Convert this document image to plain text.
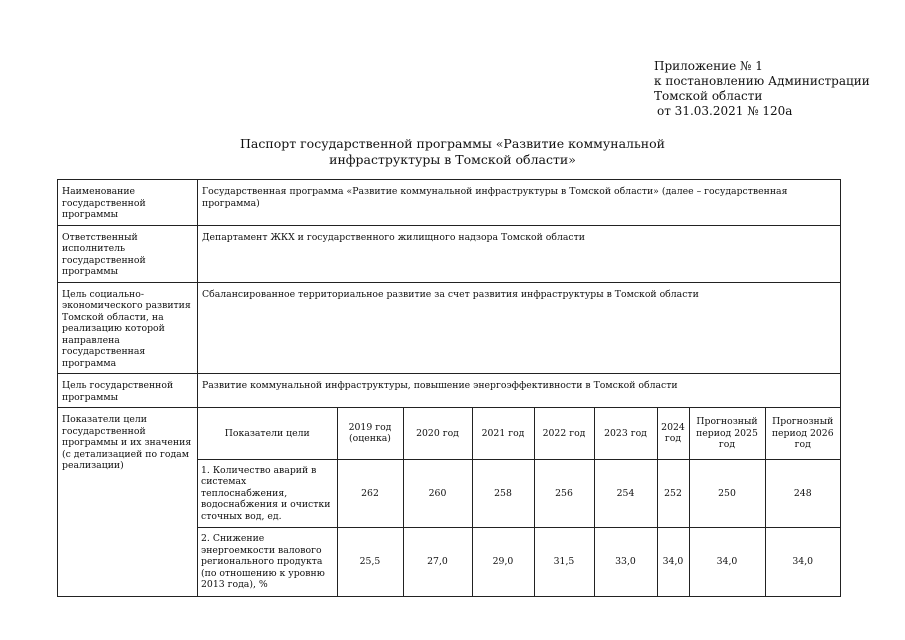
Приложение № 1
к постановлению Администрации
Томской области
от 31.03.2021 № 120а
Паспорт государственной программы «Развитие коммунальной
инфраструктуры в Томской области»
Наименование государственной программы	Государственная программа «Развитие коммунальной инфраструктуры в Томской области» (далее – государственная программа)
Ответственный исполнитель государственной программы	Департамент ЖКХ и государственного жилищного надзора Томской области
Цель социально-экономического развития Томской области, на реализацию которой направлена государственная программа	Сбалансированное территориальное развитие за счет развития инфраструктуры в Томской области
Цель государственной программы	Развитие коммунальной инфраструктуры, повышение энергоэффективности в Томской области
Показатели цели государственной программы и их значения (с детализацией по годам реализации)	
Показатели цели	2019 год (оценка)	2020 год	2021 год	2022 год	2023 год	2024 год	Прогнозный период 2025 год	Прогнозный период 2026 год
1. Количество аварий в системах теплоснабжения, водоснабжения и очистки сточных вод, ед.	262	260	258	256	254	252	250	248
2. Снижение энергоемкости валового регионального продукта (по отношению к уровню 2013 года), %	25,5	27,0	29,0	31,5	33,0	34,0	34,0	34,0
